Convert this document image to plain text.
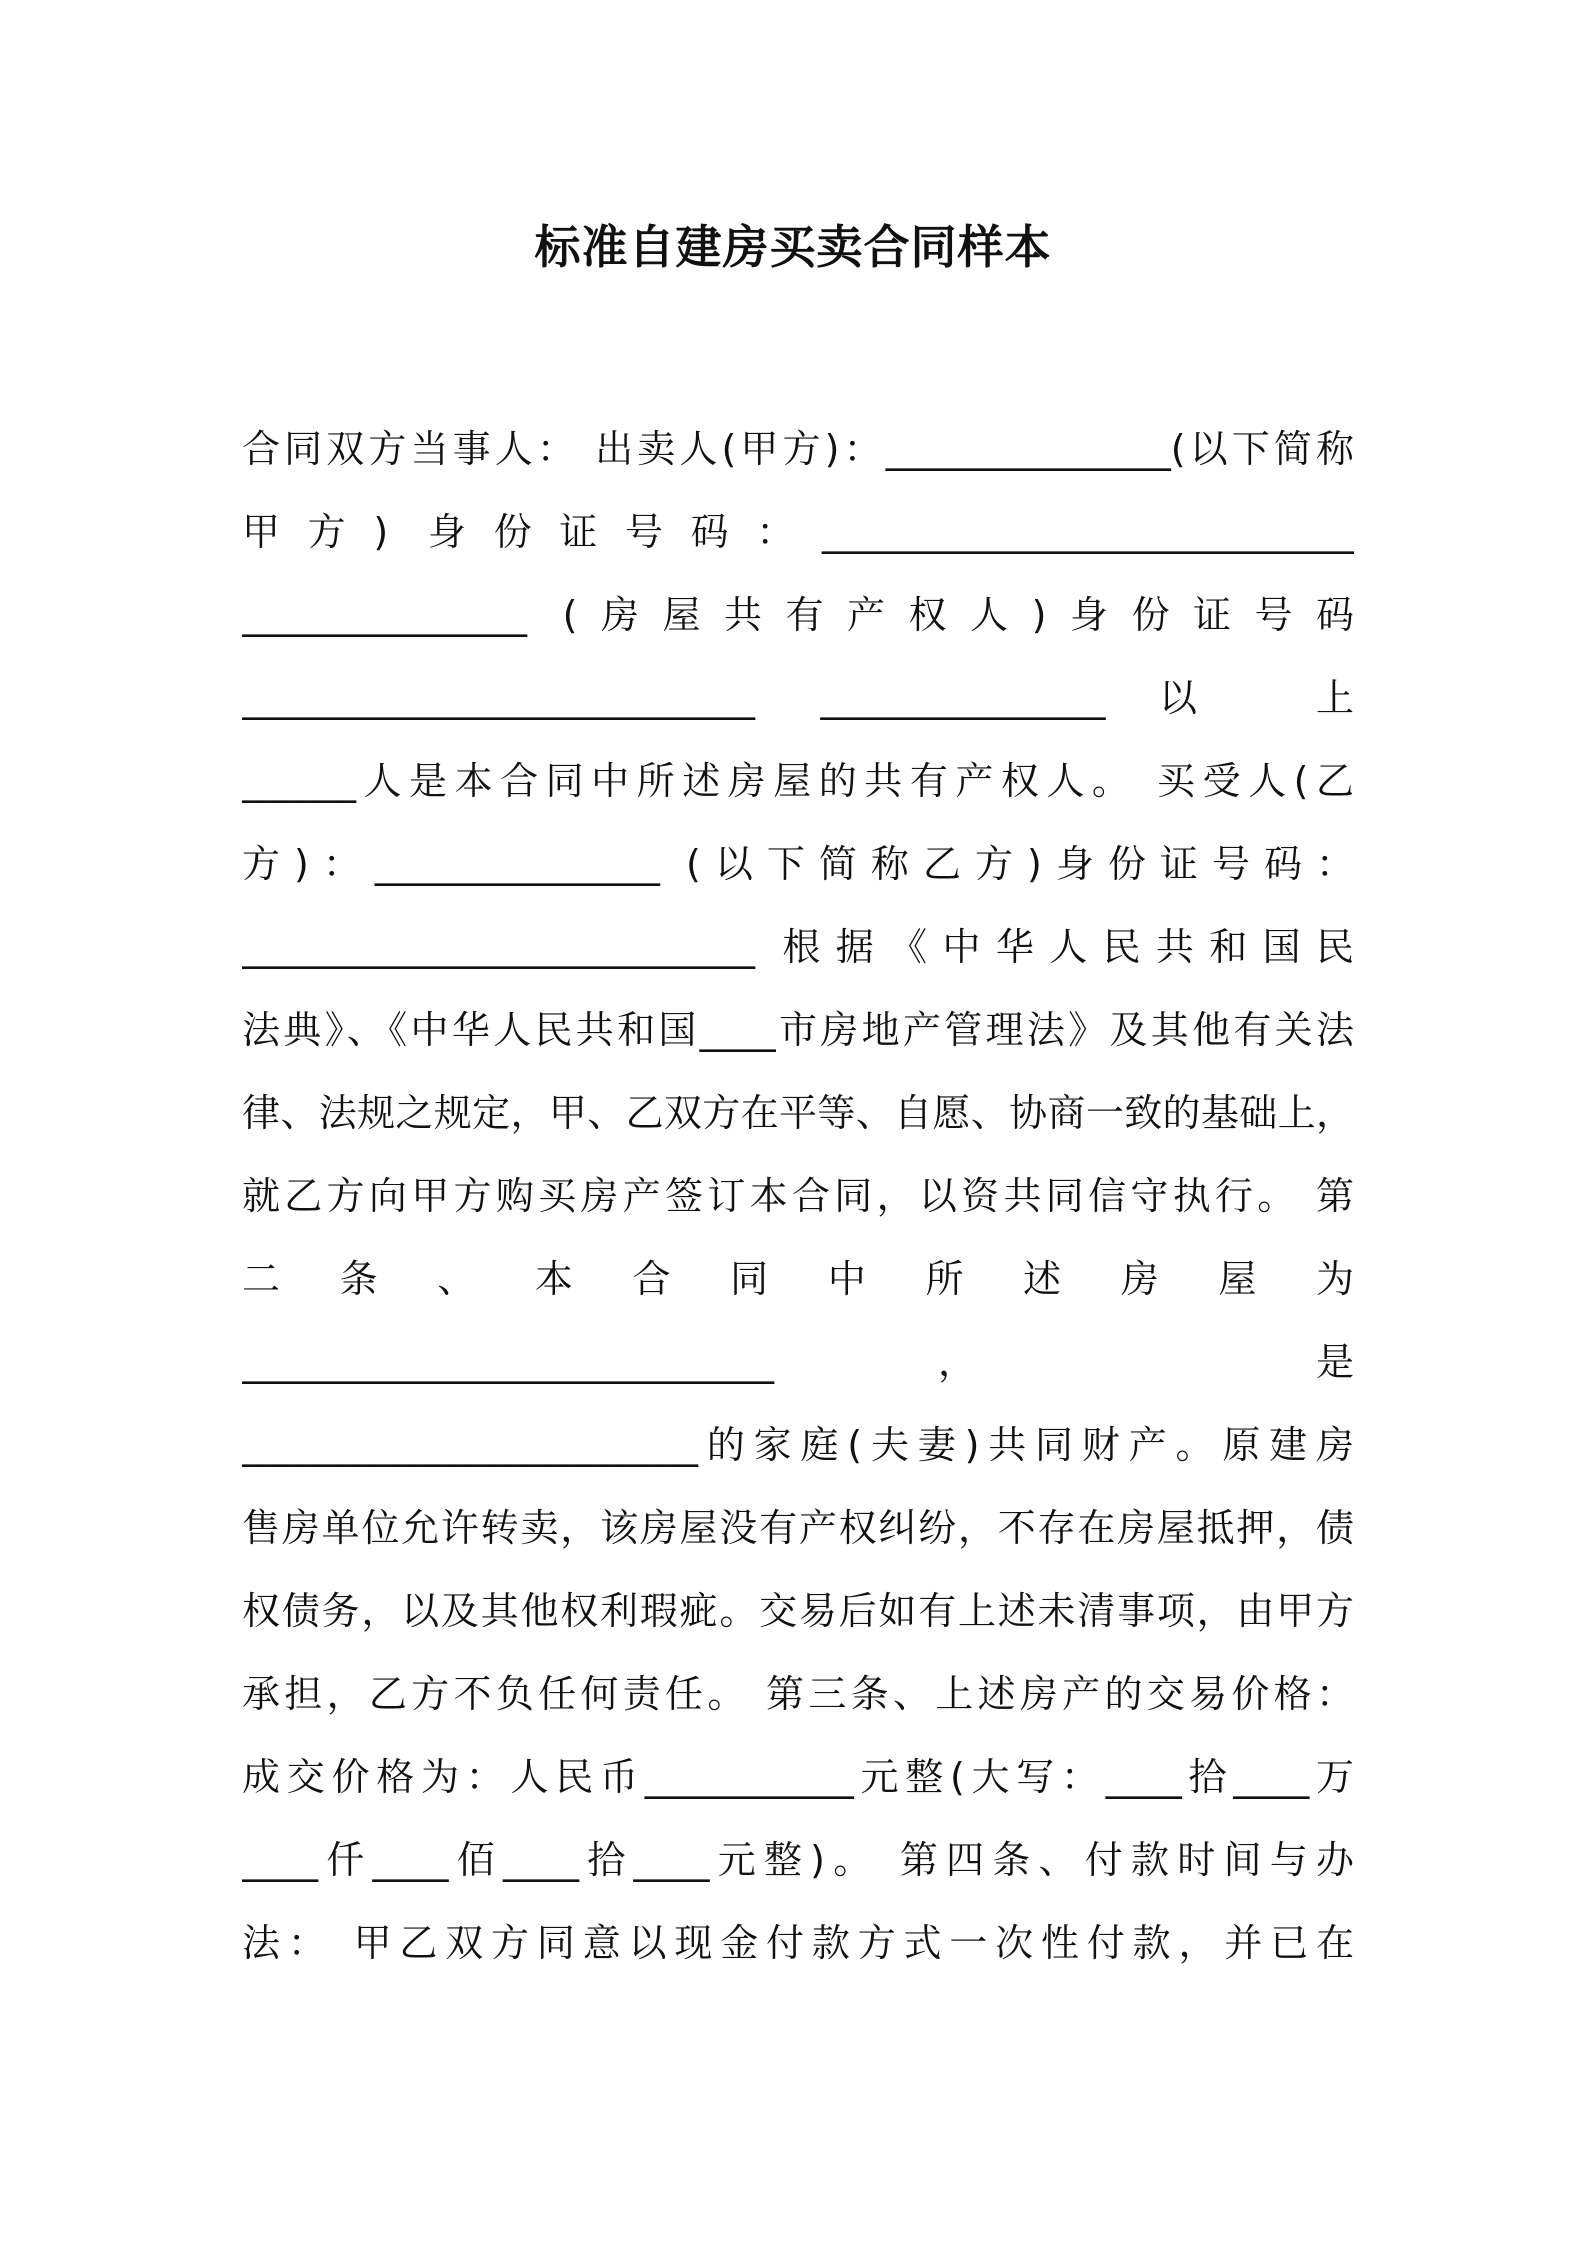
标准自建房买卖合同样本
合同双方当事人： 出卖人(甲方)：_______________(以下简称
甲方) 身份证号码：____________________________
_______________ (房屋共有产权人)身份证号码
___________________________ _______________以 上
______人是本合同中所述房屋的共有产权人。 买受人(乙
方)：_______________ (以下简称乙方)身份证号码：
___________________________ 根据《中华人民共和国民
法典》、《中华人民共和国____市房地产管理法》及其他有关法
律、法规之规定，甲、乙双方在平等、自愿、协商一致的基础上，
就乙方向甲方购买房产签订本合同，以资共同信守执行。 第
二 条 、 本 合 同 中 所 述 房 屋 为
____________________________， 是
________________________的家庭(夫妻)共同财产。原建房
售房单位允许转卖，该房屋没有产权纠纷，不存在房屋抵押，债
权债务，以及其他权利瑕疵。交易后如有上述未清事项，由甲方
承担，乙方不负任何责任。 第三条、上述房产的交易价格：
成交价格为：人民币___________元整(大写：____拾____万
____仟____佰____拾____元整)。 第四条、付款时间与办
法： 甲乙双方同意以现金付款方式一次性付款，并已在
